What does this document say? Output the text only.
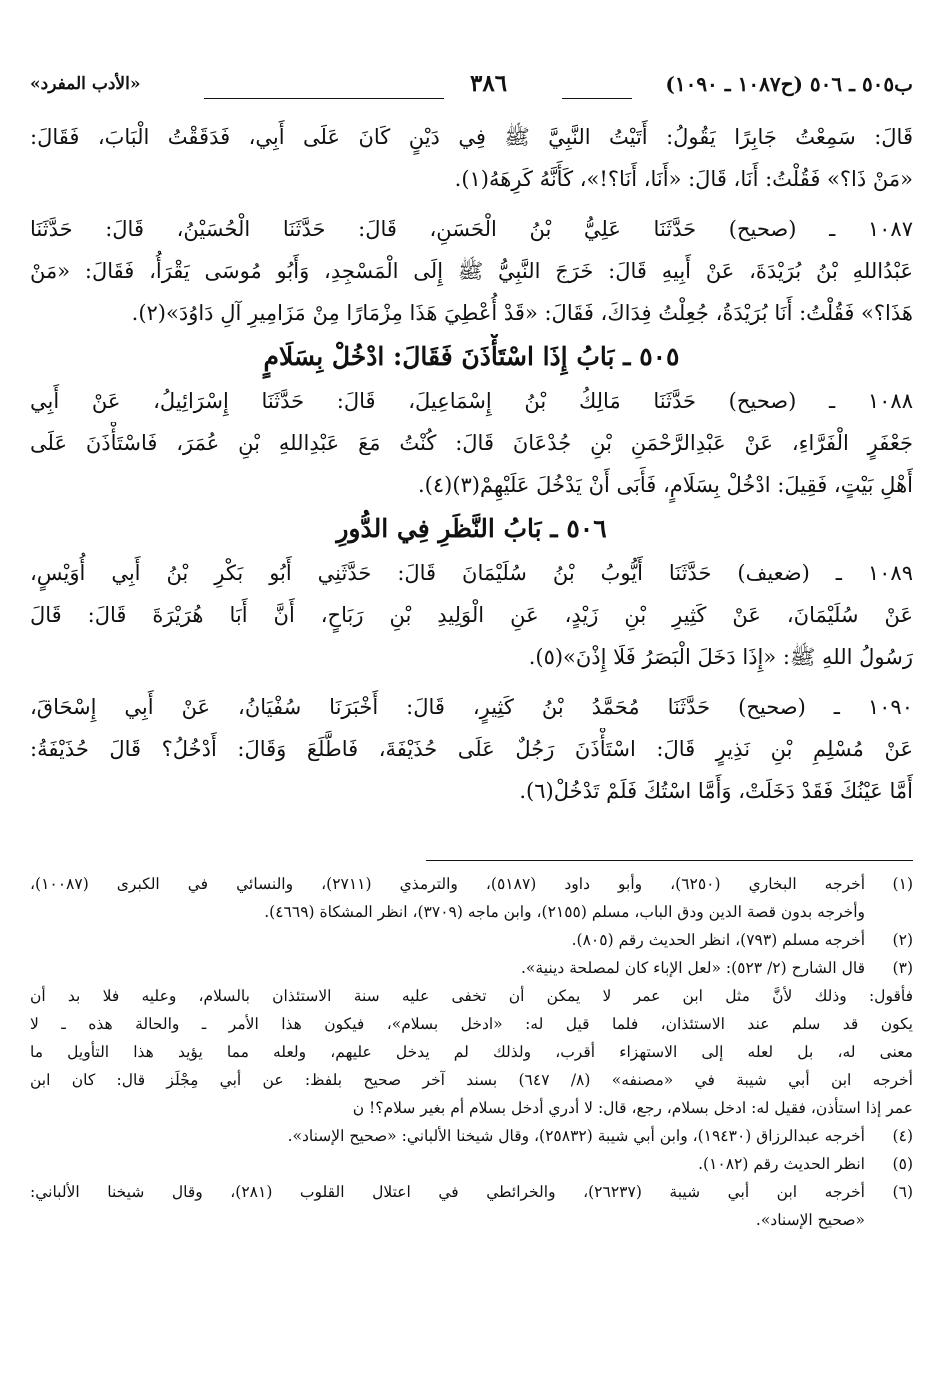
«الأدب المفرد»	٣٨٦	ب٥٠٥ ـ ٥٠٦ (ح١٠٨٧ ـ ١٠٩٠)
قَالَ: سَمِعْتُ جَابِرًا يَقُولُ: أَتَيْتُ النَّبِيَّ ﷺ فِي دَيْنٍ كَانَ عَلَى أَبِي، فَدَقَقْتُ الْبَابَ، فَقَالَ:
«مَنْ ذَا؟» فَقُلْتُ: أَنَا، قَالَ: «أَنَا، أَنَا؟!»، كَأَنَّهُ كَرِهَهُ(١).
١٠٨٧ ـ (صحيح) حَدَّثَنَا عَلِيُّ بْنُ الْحَسَنِ، قَالَ: حَدَّثَنَا الْحُسَيْنُ، قَالَ: حَدَّثَنَا
عَبْدُاللهِ بْنُ بُرَيْدَةَ، عَنْ أَبِيهِ قَالَ: خَرَجَ النَّبِيُّ ﷺ إِلَى الْمَسْجِدِ، وَأَبُو مُوسَى يَقْرَأُ، فَقَالَ: «مَنْ
هَذَا؟» فَقُلْتُ: أَنَا بُرَيْدَةُ، جُعِلْتُ فِدَاكَ، فَقَالَ: «قَدْ أُعْطِيَ هَذَا مِزْمَارًا مِنْ مَزَامِيرِ آلِ دَاوُدَ»(٢).
٥٠٥ ـ بَابُ إِذَا اسْتَأْذَنَ فَقَالَ: ادْخُلْ بِسَلَامٍ
١٠٨٨ ـ (صحيح) حَدَّثَنَا مَالِكُ بْنُ إِسْمَاعِيلَ، قَالَ: حَدَّثَنَا إِسْرَائِيلُ، عَنْ أَبِي
جَعْفَرٍ الْفَرَّاءِ، عَنْ عَبْدِالرَّحْمَنِ بْنِ جُدْعَانَ قَالَ: كُنْتُ مَعَ عَبْدِاللهِ بْنِ عُمَرَ، فَاسْتَأْذَنَ عَلَى
أَهْلِ بَيْتٍ، فَقِيلَ: ادْخُلْ بِسَلَامٍ، فَأَبَى أَنْ يَدْخُلَ عَلَيْهِمْ(٣)(٤).
٥٠٦ ـ بَابُ النَّظَرِ فِي الدُّورِ
١٠٨٩ ـ (ضعيف) حَدَّثَنَا أَيُّوبُ بْنُ سُلَيْمَانَ قَالَ: حَدَّثَنِي أَبُو بَكْرِ بْنُ أَبِي أُوَيْسٍ،
عَنْ سُلَيْمَانَ، عَنْ كَثِيرِ بْنِ زَيْدٍ، عَنِ الْوَلِيدِ بْنِ رَبَاحٍ، أَنَّ أَبَا هُرَيْرَةَ قَالَ: قَالَ
رَسُولُ اللهِ ﷺ: «إِذَا دَخَلَ الْبَصَرُ فَلَا إِذْنَ»(٥).
١٠٩٠ ـ (صحيح) حَدَّثَنَا مُحَمَّدُ بْنُ كَثِيرٍ، قَالَ: أَخْبَرَنَا سُفْيَانُ، عَنْ أَبِي إِسْحَاقَ،
عَنْ مُسْلِمِ بْنِ نَذِيرٍ قَالَ: اسْتَأْذَنَ رَجُلٌ عَلَى حُذَيْفَةَ، فَاطَّلَعَ وَقَالَ: أَدْخُلُ؟ قَالَ حُذَيْفَةُ:
أَمَّا عَيْنُكَ فَقَدْ دَخَلَتْ، وَأَمَّا اسْتُكَ فَلَمْ تَدْخُلْ(٦).
(١)
أخرجه البخاري (٦٢٥٠)، وأبو داود (٥١٨٧)، والترمذي (٢٧١١)، والنسائي في الكبرى (١٠٠٨٧)،
وأخرجه بدون قصة الدين ودق الباب، مسلم (٢١٥٥)، وابن ماجه (٣٧٠٩)، انظر المشكاة (٤٦٦٩).
(٢)
أخرجه مسلم (٧٩٣)، انظر الحديث رقم (٨٠٥).
(٣)
قال الشارح (٢/ ٥٢٣): «لعل الإباء كان لمصلحة دينية».
فأقول: وذلك لأنَّ مثل ابن عمر لا يمكن أن تخفى عليه سنة الاستئذان بالسلام، وعليه فلا بد أن
يكون قد سلم عند الاستئذان، فلما قيل له: «ادخل بسلام»، فيكون هذا الأمر ـ والحالة هذه ـ لا
معنى له، بل لعله إلى الاستهزاء أقرب، ولذلك لم يدخل عليهم، ولعله مما يؤيد هذا التأويل ما
أخرجه ابن أبي شيبة في «مصنفه» (٨/ ٦٤٧) بسند آخر صحيح بلفظ: عن أبي مِجْلَز قال: كان ابن
عمر إذا استأذن، فقيل له: ادخل بسلام، رجع، قال: لا أدري أدخل بسلام أم بغير سلام؟! ن
(٤)
أخرجه عبدالرزاق (١٩٤٣٠)، وابن أبي شيبة (٢٥٨٣٢)، وقال شيخنا الألباني: «صحيح الإسناد».
(٥)
انظر الحديث رقم (١٠٨٢).
(٦)
أخرجه ابن أبي شيبة (٢٦٢٣٧)، والخرائطي في اعتلال القلوب (٢٨١)، وقال شيخنا الألباني:
«صحيح الإسناد».
